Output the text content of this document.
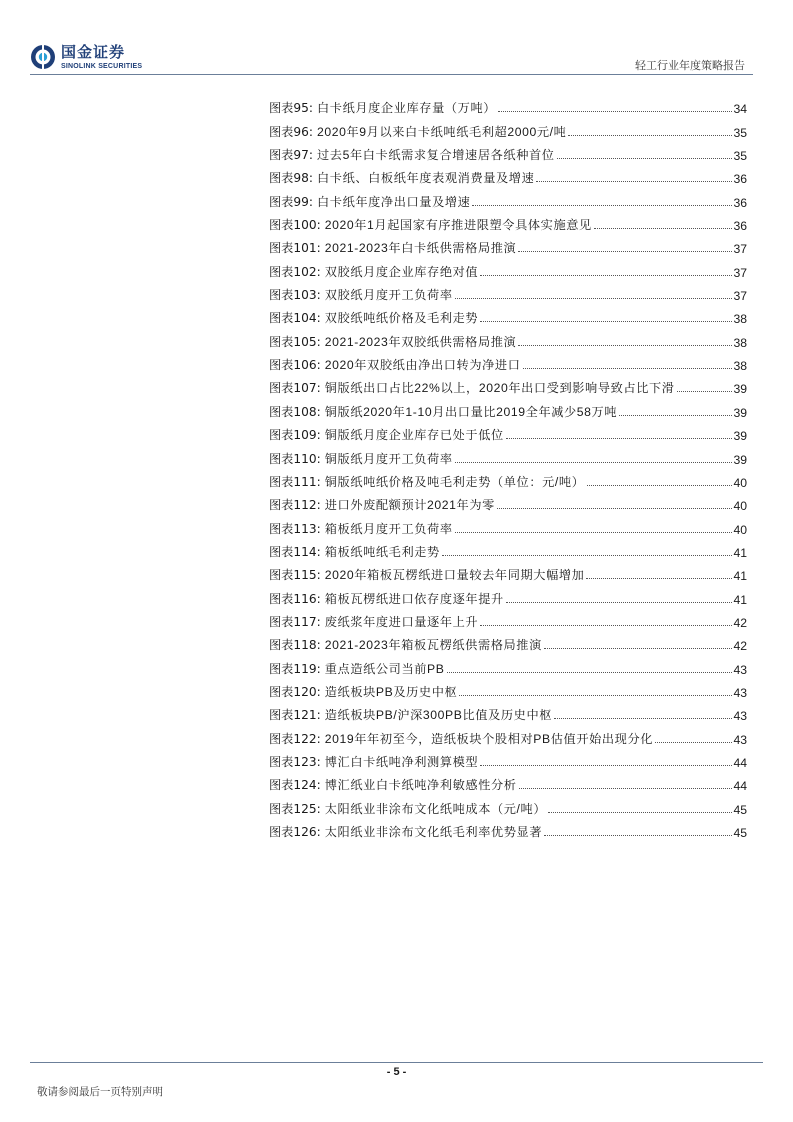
国金证券
SINOLINK SECURITIES	轻工行业年度策略报告
图表95: 白卡纸月度企业库存量（万吨）	34
图表96: 2020年9月以来白卡纸吨纸毛利超2000元/吨	35
图表97: 过去5年白卡纸需求复合增速居各纸种首位	35
图表98: 白卡纸、白板纸年度表观消费量及增速	36
图表99: 白卡纸年度净出口量及增速	36
图表100: 2020年1月起国家有序推进限塑令具体实施意见	36
图表101: 2021-2023年白卡纸供需格局推演	37
图表102: 双胶纸月度企业库存绝对值	37
图表103: 双胶纸月度开工负荷率	37
图表104: 双胶纸吨纸价格及毛利走势	38
图表105: 2021-2023年双胶纸供需格局推演	38
图表106: 2020年双胶纸由净出口转为净进口	38
图表107: 铜版纸出口占比22%以上，2020年出口受到影响导致占比下滑	39
图表108: 铜版纸2020年1-10月出口量比2019全年减少58万吨	39
图表109: 铜版纸月度企业库存已处于低位	39
图表110: 铜版纸月度开工负荷率	39
图表111: 铜版纸吨纸价格及吨毛利走势（单位：元/吨）	40
图表112: 进口外废配额预计2021年为零	40
图表113: 箱板纸月度开工负荷率	40
图表114: 箱板纸吨纸毛利走势	41
图表115: 2020年箱板瓦楞纸进口量较去年同期大幅增加	41
图表116: 箱板瓦楞纸进口依存度逐年提升	41
图表117: 废纸浆年度进口量逐年上升	42
图表118: 2021-2023年箱板瓦楞纸供需格局推演	42
图表119: 重点造纸公司当前PB	43
图表120: 造纸板块PB及历史中枢	43
图表121: 造纸板块PB/沪深300PB比值及历史中枢	43
图表122: 2019年年初至今，造纸板块个股相对PB估值开始出现分化	43
图表123: 博汇白卡纸吨净利测算模型	44
图表124: 博汇纸业白卡纸吨净利敏感性分析	44
图表125: 太阳纸业非涂布文化纸吨成本（元/吨）	45
图表126: 太阳纸业非涂布文化纸毛利率优势显著	45
- 5 -
敬请参阅最后一页特别声明
